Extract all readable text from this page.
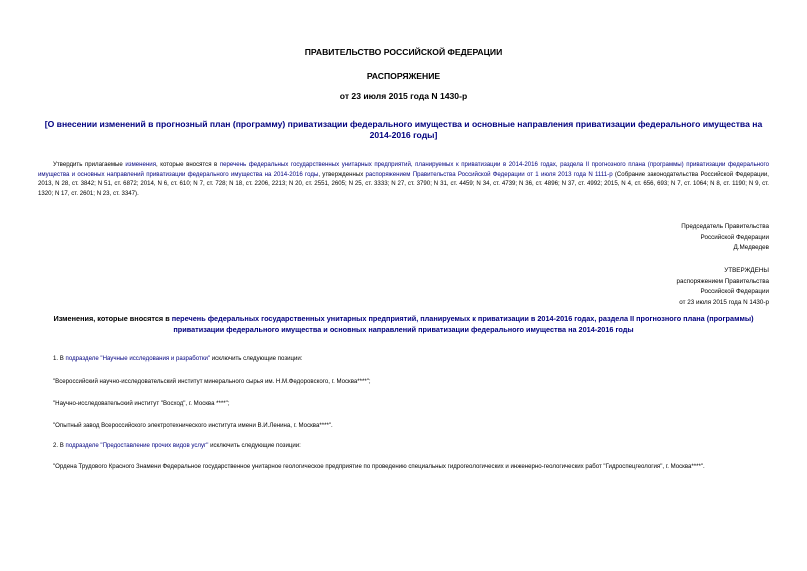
ПРАВИТЕЛЬСТВО РОССИЙСКОЙ ФЕДЕРАЦИИ
РАСПОРЯЖЕНИЕ
от 23 июля 2015 года N 1430-р
[О внесении изменений в прогнозный план (программу) приватизации федерального имущества и основные направления приватизации федерального имущества на 2014-2016 годы]
Утвердить прилагаемые изменения, которые вносятся в перечень федеральных государственных унитарных предприятий, планируемых к приватизации в 2014-2016 годах, раздела II прогнозного плана (программы) приватизации федерального имущества и основных направлений приватизации федерального имущества на 2014-2016 годы, утвержденных распоряжением Правительства Российской Федерации от 1 июля 2013 года N 1111-р (Собрание законодательства Российской Федерации, 2013, N 28, ст. 3842; N 51, ст. 6872; 2014, N 6, ст. 610; N 7, ст. 728; N 18, ст. 2206, 2213; N 20, ст. 2551, 2605; N 25, ст. 3333; N 27, ст. 3790; N 31, ст. 4459; N 34, ст. 4739; N 36, ст. 4896; N 37, ст. 4992; 2015, N 4, ст. 656, 693; N 7, ст. 1064; N 8, ст. 1190; N 9, ст. 1320; N 17, ст. 2601; N 23, ст. 3347).
Председатель Правительства
Российской Федерации
Д.Медведев
УТВЕРЖДЕНЫ
распоряжением Правительства
Российской Федерации
от 23 июля 2015 года N 1430-р
Изменения, которые вносятся в перечень федеральных государственных унитарных предприятий, планируемых к приватизации в 2014-2016 годах, раздела II прогнозного плана (программы) приватизации федерального имущества и основных направлений приватизации федерального имущества на 2014-2016 годы
1. В подразделе "Научные исследования и разработки" исключить следующие позиции:
"Всероссийский научно-исследовательский институт минерального сырья им. Н.М.Федоровского, г. Москва****";
"Научно-исследовательский институт "Восход", г. Москва ****";
"Опытный завод Всероссийского электротехнического института имени В.И.Ленина, г. Москва****".
2. В подразделе "Предоставление прочих видов услуг" исключить следующие позиции:
"Ордена Трудового Красного Знамени Федеральное государственное унитарное геологическое предприятие по проведению специальных гидрогеологических и инженерно-геологических работ "Гидроспецгеология", г. Москва****".
